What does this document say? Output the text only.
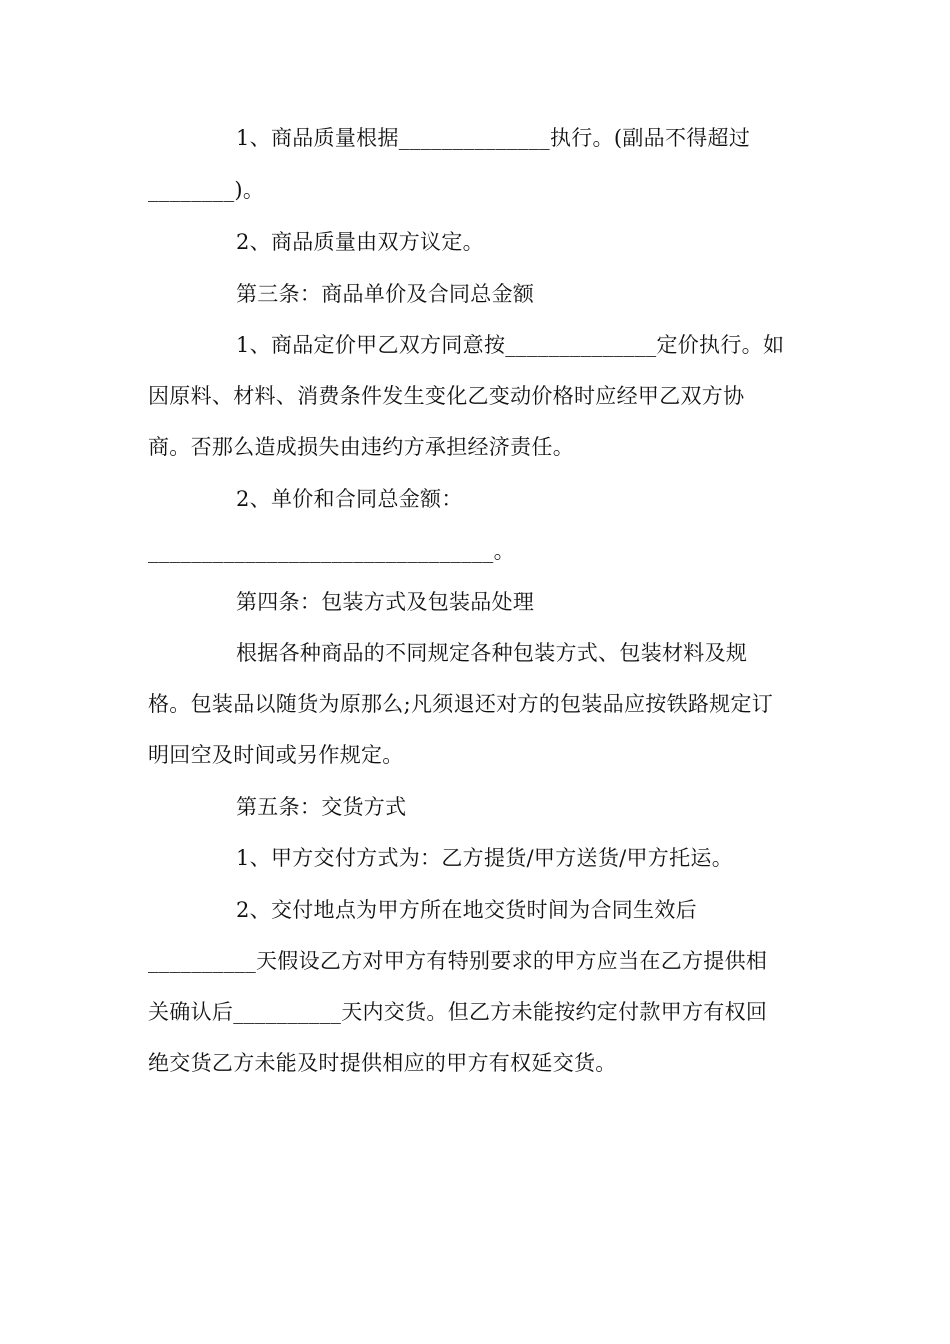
1、商品质量根据______________执行。(副品不得超过
________)。
2、商品质量由双方议定。
第三条：商品单价及合同总金额
1、商品定价甲乙双方同意按______________定价执行。如
因原料、材料、消费条件发生变化乙变动价格时应经甲乙双方协
商。否那么造成损失由违约方承担经济责任。
2、单价和合同总金额：
________________________________。
第四条：包装方式及包装品处理
根据各种商品的不同规定各种包装方式、包装材料及规
格。包装品以随货为原那么;凡须退还对方的包装品应按铁路规定订
明回空及时间或另作规定。
第五条：交货方式
1、甲方交付方式为：乙方提货/甲方送货/甲方托运。
2、交付地点为甲方所在地交货时间为合同生效后
__________天假设乙方对甲方有特别要求的甲方应当在乙方提供相
关确认后__________天内交货。但乙方未能按约定付款甲方有权回
绝交货乙方未能及时提供相应的甲方有权延交货。
